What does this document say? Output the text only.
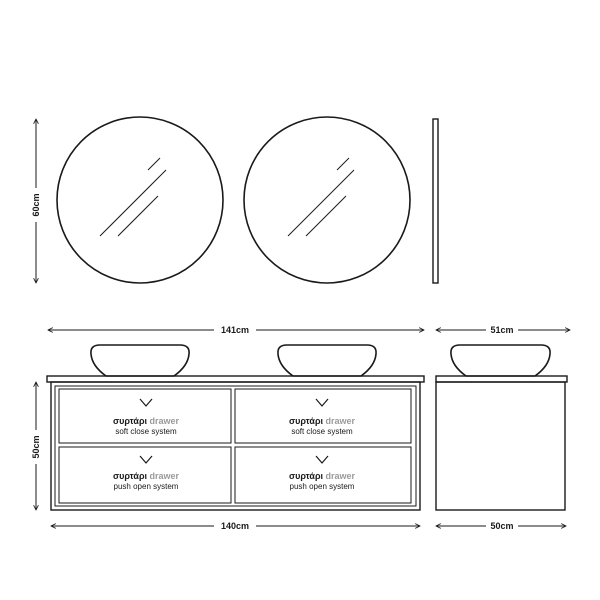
60cm
141cm	51cm
συρτάρι drawer
soft close system
συρτάρι drawer
soft close system
συρτάρι drawer
push open system
συρτάρι drawer
push open system
50cm
140cm	50cm
